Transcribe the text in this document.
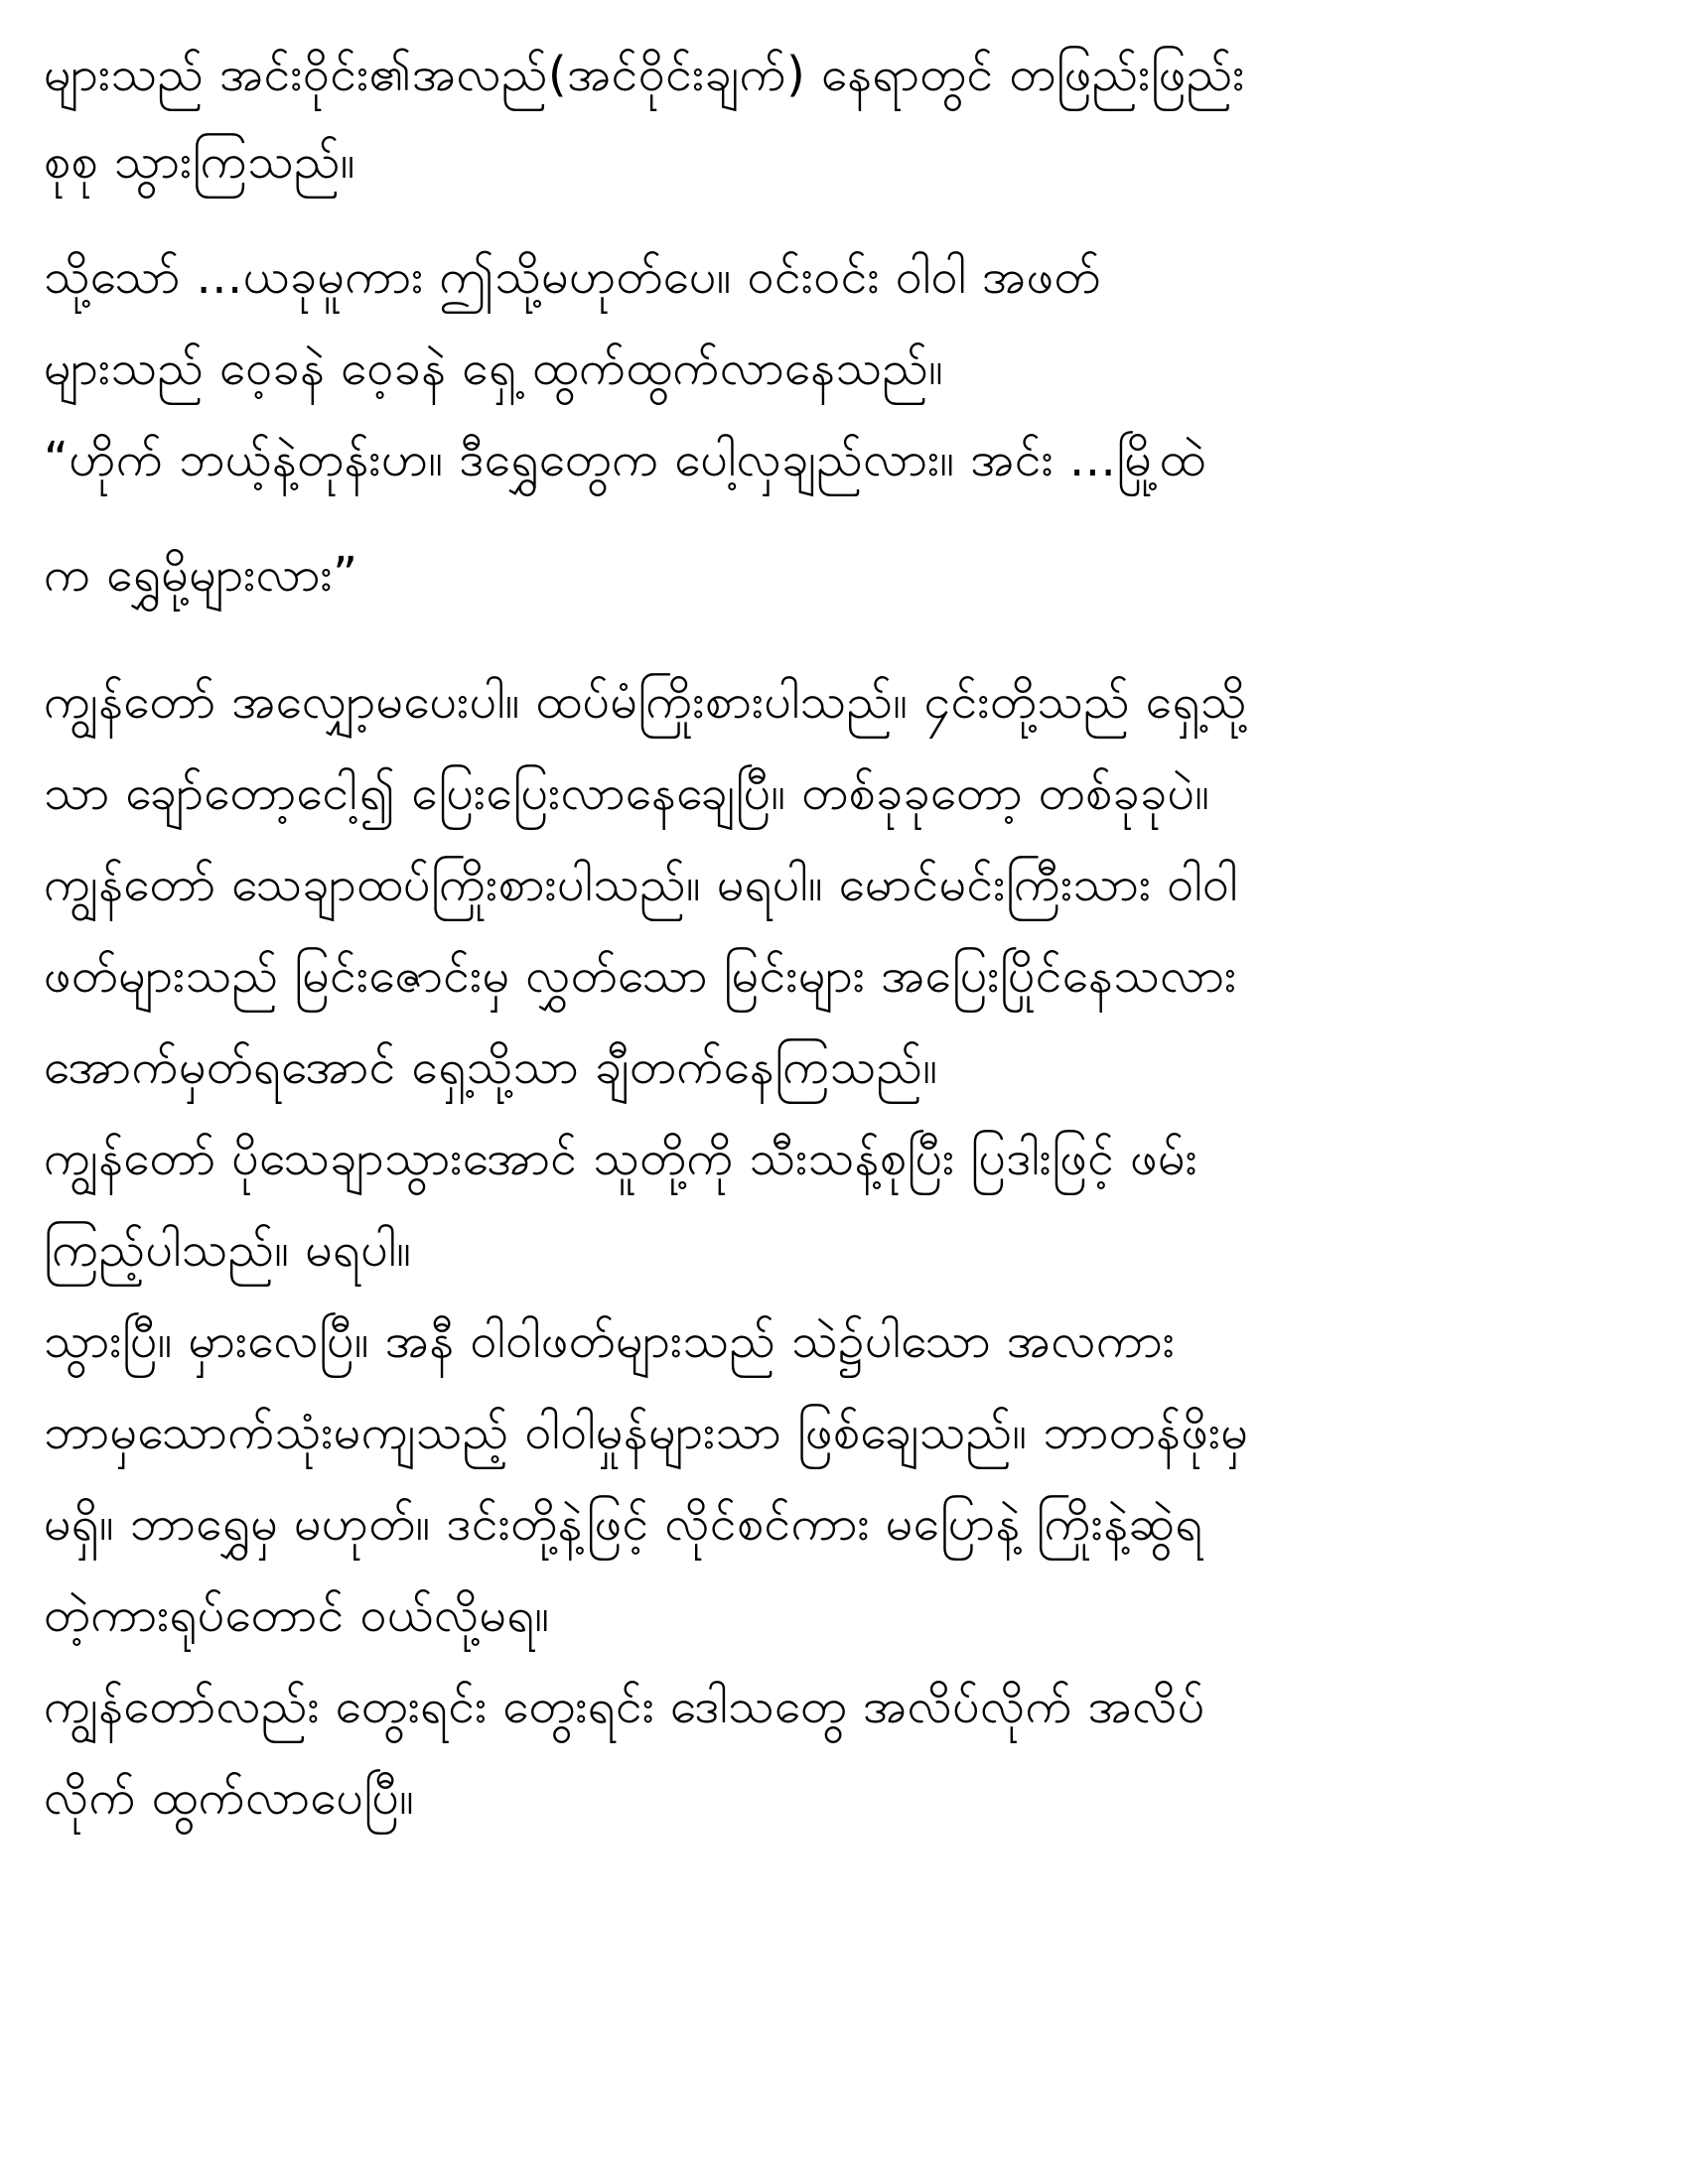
များသည် အင်းဝိုင်း၏အလည်(အင်ဝိုင်းချက်) နေရာတွင် တဖြည်းဖြည်း
စုစု သွားကြသည်။
သို့သော် ...ယခုမူကား ဤသို့မဟုတ်ပေ။ ဝင်းဝင်း ဝါဝါ အဖတ်
များသည် ဝေ့ခနဲ ဝေ့ခနဲ ရှေ့ ထွက်ထွက်လာနေသည်။
“ဟိုက် ဘယ့်နဲ့တုန်းဟ။ ဒီရွှေတွေက ပေါ့လှချည်လား။ အင်း ...မြို့ထဲ
က ရွှေမို့များလား”
ကျွန်တော် အလျှော့မပေးပါ။ ထပ်မံကြိုးစားပါသည်။ ၄င်းတို့သည် ရှေ့သို့
သာ ချော်တော့ငေါ့၍ ပြေးပြေးလာနေချေပြီ။ တစ်ခုခုတော့ တစ်ခုခုပဲ။
ကျွန်တော် သေချာထပ်ကြိုးစားပါသည်။ မရပါ။ မောင်မင်းကြီးသား ဝါဝါ
ဖတ်များသည် မြင်းဇောင်းမှ လွှတ်သော မြင်းများ အပြေးပြိုင်နေသလား
အောက်မှတ်ရအောင် ရှေ့သို့သာ ချီတက်နေကြသည်။
ကျွန်တော် ပိုသေချာသွားအောင် သူတို့ကို သီးသန့်စုပြီး ပြဒါးဖြင့် ဖမ်း
ကြည့်ပါသည်။ မရပါ။
သွားပြီ။ မှားလေပြီ။ အနီ ဝါဝါဖတ်များသည် သဲ၌ပါသော အလကား
ဘာမှသောက်သုံးမကျသည့် ဝါဝါမှုန်များသာ ဖြစ်ချေသည်။ ဘာတန်ဖိုးမှ
မရှိ။ ဘာရွှေမှ မဟုတ်။ ဒင်းတို့နဲ့ဖြင့် လိုင်စင်ကား မပြောနဲ့ ကြိုးနဲ့ဆွဲရ
တဲ့ကားရုပ်တောင် ဝယ်လို့မရ။
ကျွန်တော်လည်း တွေးရင်း တွေးရင်း ဒေါသတွေ အလိပ်လိုက် အလိပ်
လိုက် ထွက်လာပေပြီ။
